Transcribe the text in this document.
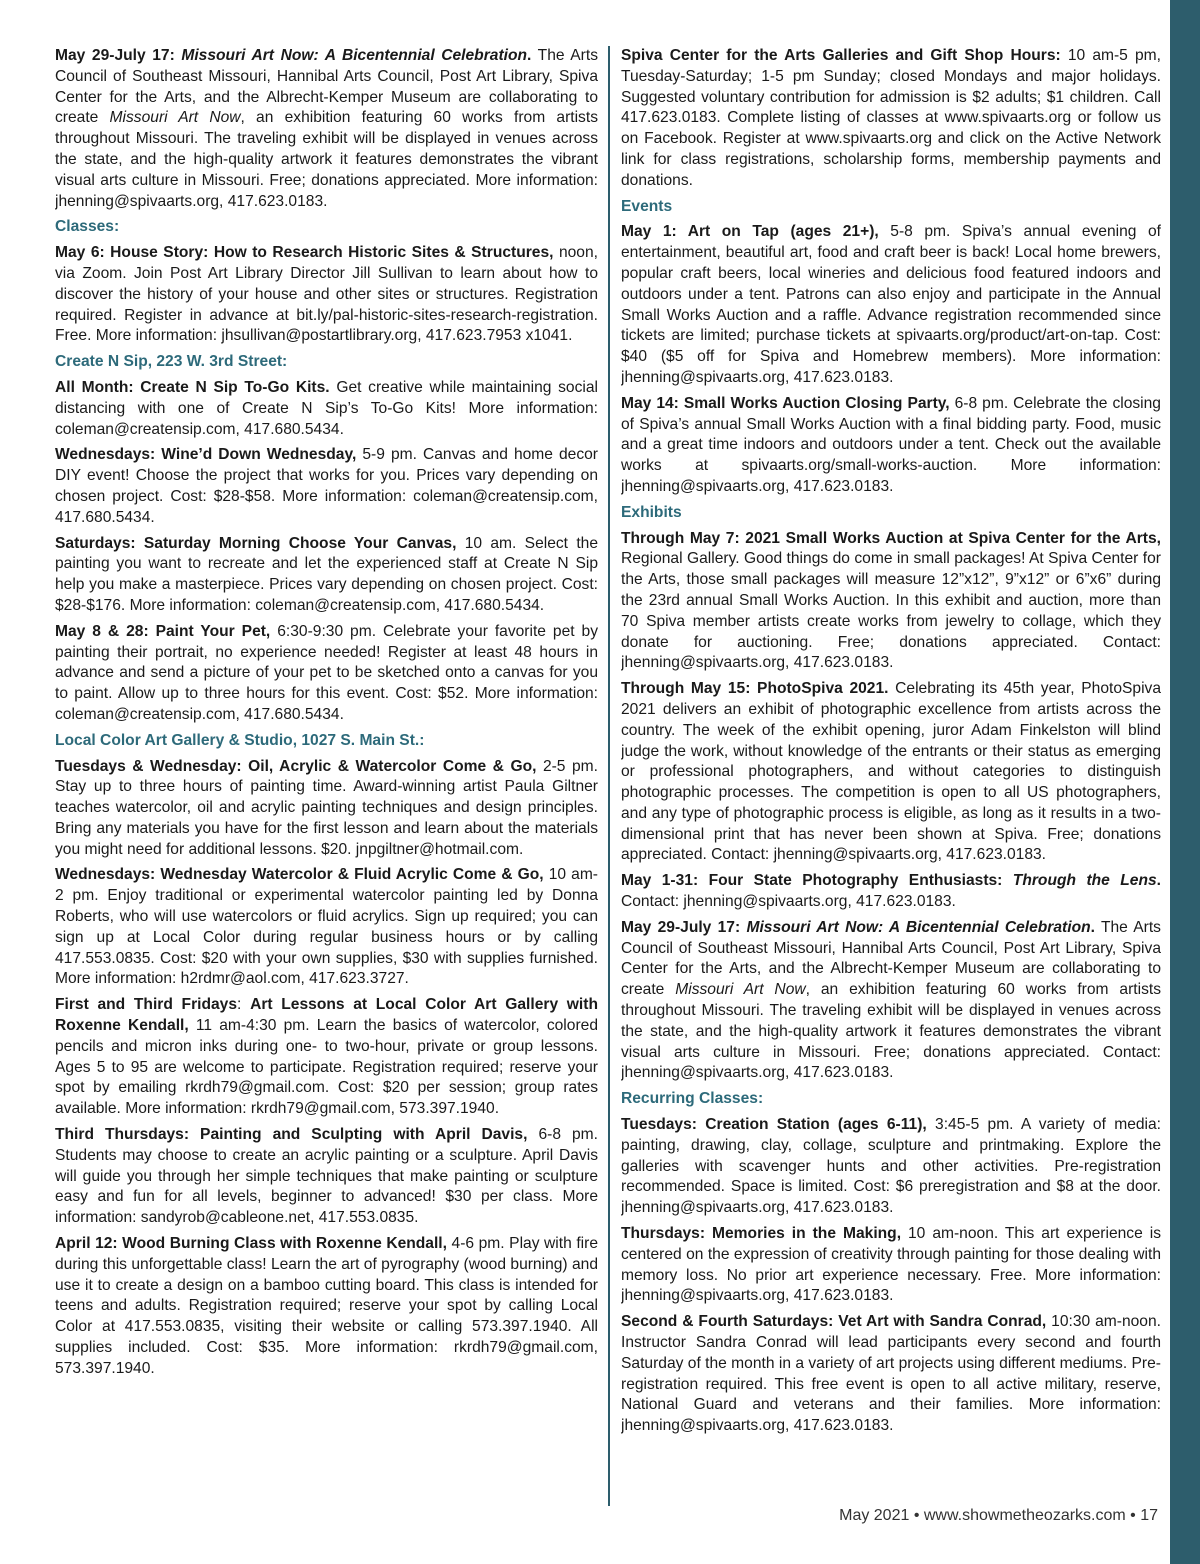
May 29-July 17: Missouri Art Now: A Bicentennial Celebration. The Arts Council of Southeast Missouri, Hannibal Arts Council, Post Art Library, Spiva Center for the Arts, and the Albrecht-Kemper Museum are collaborating to create Missouri Art Now, an exhibition featuring 60 works from artists throughout Missouri. The traveling exhibit will be displayed in venues across the state, and the high-quality artwork it features demonstrates the vibrant visual arts culture in Missouri. Free; donations appreciated. More information: jhenning@spivaarts.org, 417.623.0183.

Classes:

May 6: House Story: How to Research Historic Sites & Structures, noon, via Zoom. Join Post Art Library Director Jill Sullivan to learn about how to discover the history of your house and other sites or structures. Registration required. Register in advance at bit.ly/pal-historic-sites-research-registration. Free. More information: jhsullivan@postartlibrary.org, 417.623.7953 x1041.

Create N Sip, 223 W. 3rd Street:

All Month: Create N Sip To-Go Kits. Get creative while maintaining social distancing with one of Create N Sip’s To-Go Kits! More information: coleman@creatensip.com, 417.680.5434.

Wednesdays: Wine’d Down Wednesday, 5-9 pm. Canvas and home decor DIY event! Choose the project that works for you. Prices vary depending on chosen project. Cost: $28-$58. More information: coleman@creatensip.com, 417.680.5434.

Saturdays: Saturday Morning Choose Your Canvas, 10 am. Select the painting you want to recreate and let the experienced staff at Create N Sip help you make a masterpiece. Prices vary depending on chosen project. Cost: $28-$176. More information: coleman@creatensip.com, 417.680.5434.

May 8 & 28: Paint Your Pet, 6:30-9:30 pm. Celebrate your favorite pet by painting their portrait, no experience needed! Register at least 48 hours in advance and send a picture of your pet to be sketched onto a canvas for you to paint. Allow up to three hours for this event. Cost: $52. More information: coleman@creatensip.com, 417.680.5434.

Local Color Art Gallery & Studio, 1027 S. Main St.:

Tuesdays & Wednesday: Oil, Acrylic & Watercolor Come & Go, 2-5 pm. Stay up to three hours of painting time. Award-winning artist Paula Giltner teaches watercolor, oil and acrylic painting techniques and design principles. Bring any materials you have for the first lesson and learn about the materials you might need for additional lessons. $20. jnpgiltner@hotmail.com.

Wednesdays: Wednesday Watercolor & Fluid Acrylic Come & Go, 10 am-2 pm. Enjoy traditional or experimental watercolor painting led by Donna Roberts, who will use watercolors or fluid acrylics. Sign up required; you can sign up at Local Color during regular business hours or by calling 417.553.0835. Cost: $20 with your own supplies, $30 with supplies furnished. More information: h2rdmr@aol.com, 417.623.3727.

First and Third Fridays: Art Lessons at Local Color Art Gallery with Roxenne Kendall, 11 am-4:30 pm. Learn the basics of watercolor, colored pencils and micron inks during one- to two-hour, private or group lessons. Ages 5 to 95 are welcome to participate. Registration required; reserve your spot by emailing rkrdh79@gmail.com. Cost: $20 per session; group rates available. More information: rkrdh79@gmail.com, 573.397.1940.

Third Thursdays: Painting and Sculpting with April Davis, 6-8 pm. Students may choose to create an acrylic painting or a sculpture. April Davis will guide you through her simple techniques that make painting or sculpture easy and fun for all levels, beginner to advanced! $30 per class. More information: sandyrob@cableone.net, 417.553.0835.

April 12: Wood Burning Class with Roxenne Kendall, 4-6 pm. Play with fire during this unforgettable class! Learn the art of pyrography (wood burning) and use it to create a design on a bamboo cutting board. This class is intended for teens and adults. Registration required; reserve your spot by calling Local Color at 417.553.0835, visiting their website or calling 573.397.1940. All supplies included. Cost: $35. More information: rkrdh79@gmail.com, 573.397.1940.

Spiva Center for the Arts Galleries and Gift Shop Hours: 10 am-5 pm, Tuesday-Saturday; 1-5 pm Sunday; closed Mondays and major holidays. Suggested voluntary contribution for admission is $2 adults; $1 children. Call 417.623.0183. Complete listing of classes at www.spivaarts.org or follow us on Facebook. Register at www.spivaarts.org and click on the Active Network link for class registrations, scholarship forms, membership payments and donations.

Events

May 1: Art on Tap (ages 21+), 5-8 pm. Spiva’s annual evening of entertainment, beautiful art, food and craft beer is back! Local home brewers, popular craft beers, local wineries and delicious food featured indoors and outdoors under a tent. Patrons can also enjoy and participate in the Annual Small Works Auction and a raffle. Advance registration recommended since tickets are limited; purchase tickets at spivaarts.org/product/art-on-tap. Cost: $40 ($5 off for Spiva and Homebrew members). More information: jhenning@spivaarts.org, 417.623.0183.

May 14: Small Works Auction Closing Party, 6-8 pm. Celebrate the closing of Spiva’s annual Small Works Auction with a final bidding party. Food, music and a great time indoors and outdoors under a tent. Check out the available works at spivaarts.org/small-works-auction. More information: jhenning@spivaarts.org, 417.623.0183.

Exhibits

Through May 7: 2021 Small Works Auction at Spiva Center for the Arts, Regional Gallery. Good things do come in small packages! At Spiva Center for the Arts, those small packages will measure 12”x12”, 9”x12” or 6”x6” during the 23rd annual Small Works Auction. In this exhibit and auction, more than 70 Spiva member artists create works from jewelry to collage, which they donate for auctioning. Free; donations appreciated. Contact: jhenning@spivaarts.org, 417.623.0183.

Through May 15: PhotoSpiva 2021. Celebrating its 45th year, PhotoSpiva 2021 delivers an exhibit of photographic excellence from artists across the country. The week of the exhibit opening, juror Adam Finkelston will blind judge the work, without knowledge of the entrants or their status as emerging or professional photographers, and without categories to distinguish photographic processes. The competition is open to all US photographers, and any type of photographic process is eligible, as long as it results in a two-dimensional print that has never been shown at Spiva. Free; donations appreciated. Contact: jhenning@spivaarts.org, 417.623.0183.

May 1-31: Four State Photography Enthusiasts: Through the Lens. Contact: jhenning@spivaarts.org, 417.623.0183.

May 29-July 17: Missouri Art Now: A Bicentennial Celebration. The Arts Council of Southeast Missouri, Hannibal Arts Council, Post Art Library, Spiva Center for the Arts, and the Albrecht-Kemper Museum are collaborating to create Missouri Art Now, an exhibition featuring 60 works from artists throughout Missouri. The traveling exhibit will be displayed in venues across the state, and the high-quality artwork it features demonstrates the vibrant visual arts culture in Missouri. Free; donations appreciated. Contact: jhenning@spivaarts.org, 417.623.0183.

Recurring Classes:

Tuesdays: Creation Station (ages 6-11), 3:45-5 pm. A variety of media: painting, drawing, clay, collage, sculpture and printmaking. Explore the galleries with scavenger hunts and other activities. Pre-registration recommended. Space is limited. Cost: $6 preregistration and $8 at the door. jhenning@spivaarts.org, 417.623.0183.

Thursdays: Memories in the Making, 10 am-noon. This art experience is centered on the expression of creativity through painting for those dealing with memory loss. No prior art experience necessary. Free. More information: jhenning@spivaarts.org, 417.623.0183.

Second & Fourth Saturdays: Vet Art with Sandra Conrad, 10:30 am-noon. Instructor Sandra Conrad will lead participants every second and fourth Saturday of the month in a variety of art projects using different mediums. Pre-registration required. This free event is open to all active military, reserve, National Guard and veterans and their families. More information: jhenning@spivaarts.org, 417.623.0183.

May 2021 • www.showmetheozarks.com • 17
